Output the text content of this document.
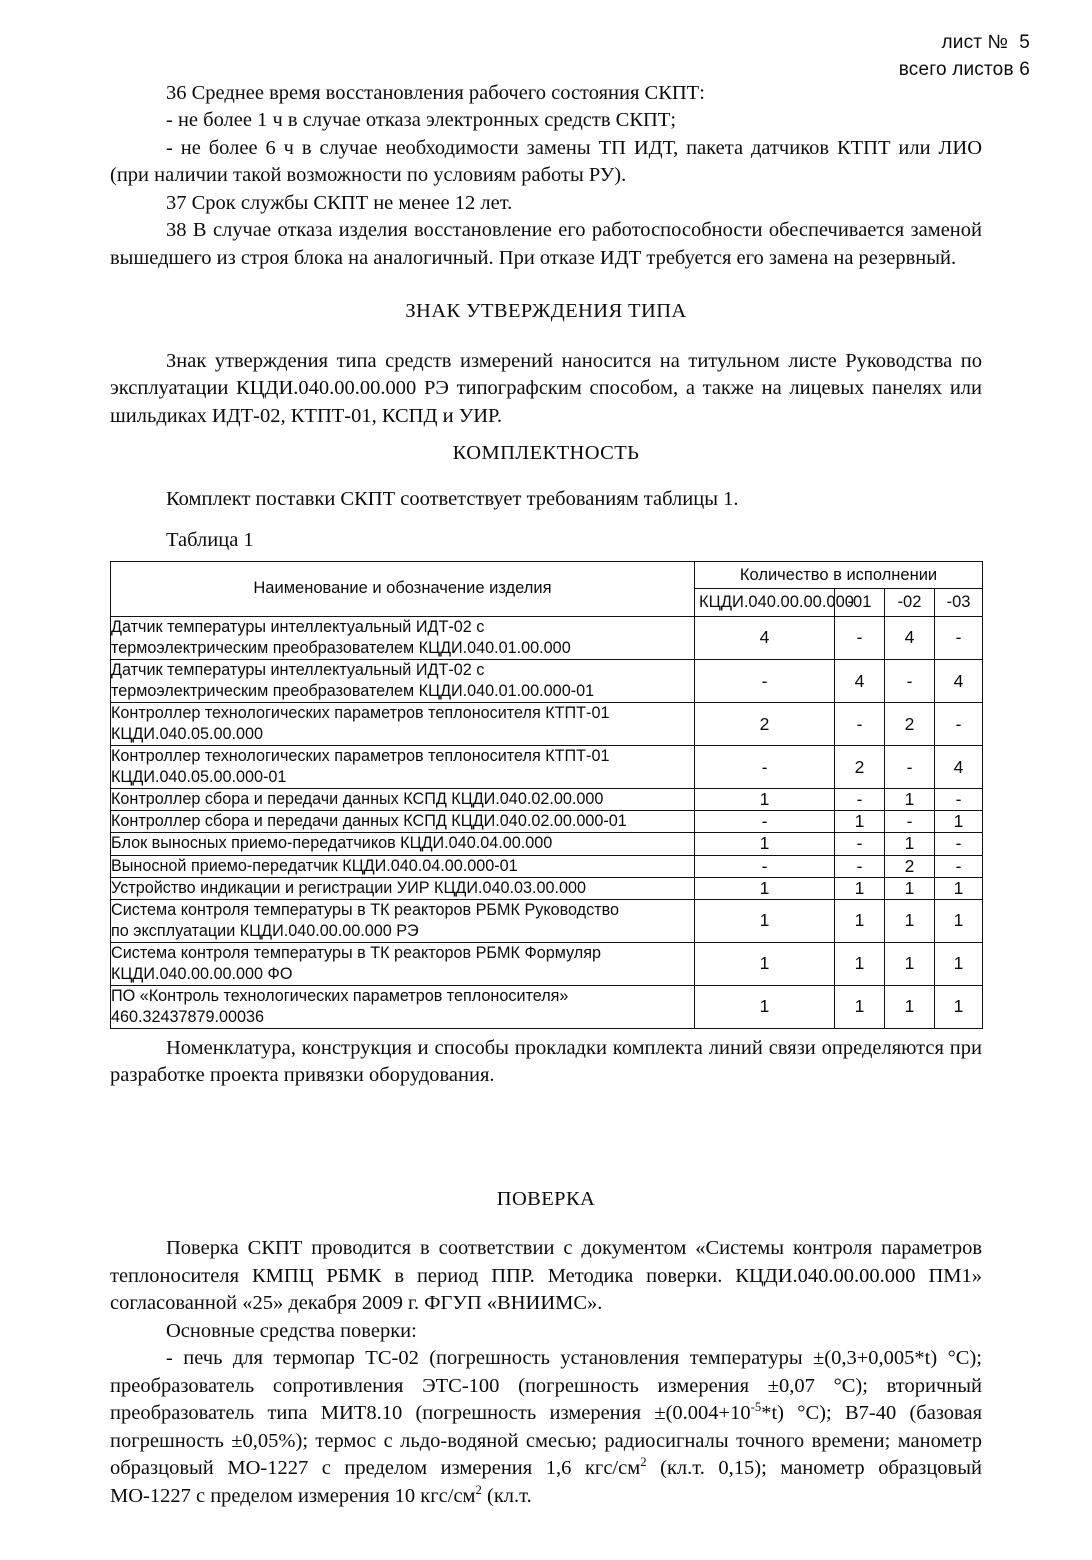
лист №  5
всего листов 6

36 Среднее время восстановления рабочего состояния СКПТ:

- не более 1 ч в случае отказа электронных средств СКПТ;

- не более 6 ч в случае необходимости замены ТП ИДТ, пакета датчиков КТПТ или ЛИО (при наличии такой возможности по условиям работы РУ).

37 Срок службы СКПТ не менее 12 лет.

38 В случае отказа изделия восстановление его работоспособности обеспечивается заменой вышедшего из строя блока на аналогичный. При отказе ИДТ требуется его замена на резервный.

ЗНАК УТВЕРЖДЕНИЯ ТИПА

Знак утверждения типа средств измерений наносится на титульном листе Руководства по эксплуатации КЦДИ.040.00.00.000 РЭ типографским способом, а также на лицевых панелях или шильдиках ИДТ-02, КТПТ-01, КСПД и УИР.

КОМПЛЕКТНОСТЬ

Комплект поставки СКПТ соответствует требованиям таблицы 1.

Таблица 1

Наименование и обозначение изделия	Количество в исполнении			
	КЦДИ.040.00.00.000	-01	-02	-03

Датчик температуры интеллектуальный ИДТ-02 с
термоэлектрическим преобразователем КЦДИ.040.01.00.000	4	-	4	-

Датчик температуры интеллектуальный ИДТ-02 с
термоэлектрическим преобразователем КЦДИ.040.01.00.000-01	-	4	-	4

Контроллер технологических параметров теплоносителя КТПТ-01
КЦДИ.040.05.00.000	2	-	2	-

Контроллер технологических параметров теплоносителя КТПТ-01
КЦДИ.040.05.00.000-01	-	2	-	4

Контроллер сбора и передачи данных КСПД КЦДИ.040.02.00.000	1	-	1	-

Контроллер сбора и передачи данных КСПД КЦДИ.040.02.00.000-01	-	1	-	1

Блок выносных приемо-передатчиков КЦДИ.040.04.00.000	1	-	1	-

Выносной приемо-передатчик КЦДИ.040.04.00.000-01	-	-	2	-

Устройство индикации и регистрации УИР КЦДИ.040.03.00.000	1	1	1	1

Система контроля температуры в ТК реакторов РБМК Руководство
по эксплуатации КЦДИ.040.00.00.000 РЭ	1	1	1	1

Система контроля температуры в ТК реакторов РБМК Формуляр
КЦДИ.040.00.00.000 ФО	1	1	1	1

ПО «Контроль технологических параметров теплоносителя»
460.32437879.00036	1	1	1	1

Номенклатура, конструкция и способы прокладки комплекта линий связи определяются при разработке проекта привязки оборудования.

ПОВЕРКА

Поверка СКПТ проводится в соответствии с документом «Системы контроля параметров теплоносителя КМПЦ РБМК в период ППР. Методика поверки. КЦДИ.040.00.00.000 ПМ1» согласованной «25» декабря 2009 г. ФГУП «ВНИИМС».

Основные средства поверки:

- печь для термопар ТС-02 (погрешность установления температуры ±(0,3+0,005*t) °С); преобразователь сопротивления ЭТС-100 (погрешность измерения ±0,07 °С); вторичный преобразователь типа МИТ8.10 (погрешность измерения $\pm(0.004+10^{-5}*t)$ °С); В7-40 (базовая погрешность ±0,05%); термос с льдо-водяной смесью; радиосигналы точного времени; манометр образцовый МО-1227 с пределом измерения 1,6 кгс/$см^2$ (кл.т. 0,15); манометр образцовый МО-1227 с пределом измерения 10 кгс/$см^2$ (кл.т.
